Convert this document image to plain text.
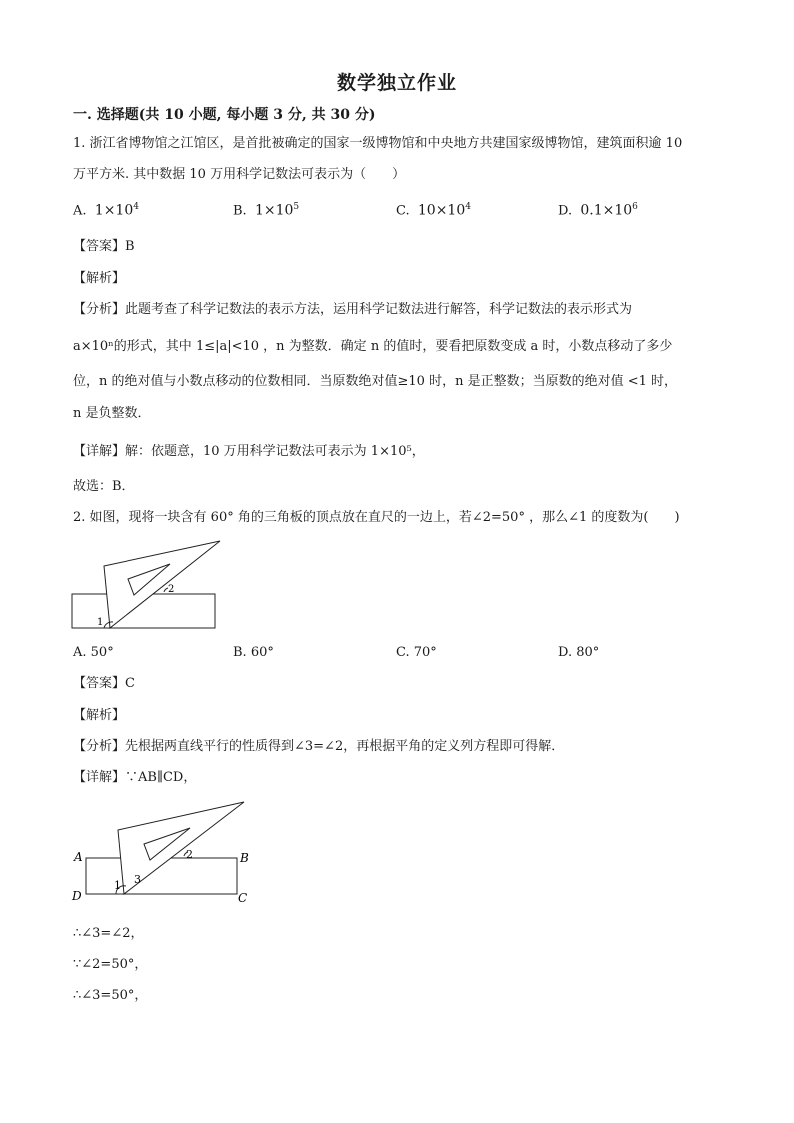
数学独立作业
一. 选择题(共 10 小题, 每小题 3 分, 共 30 分)
1. 浙江省博物馆之江馆区，是首批被确定的国家一级博物馆和中央地方共建国家级博物馆，建筑面积逾 10
万平方米. 其中数据 10 万用科学记数法可表示为（　　）
A. $1\times 10^4$	B. $1\times 10^5$	C. $10\times 10^4$	D. $0.1\times 10^6$
【答案】B
【解析】
【分析】此题考查了科学记数法的表示方法，运用科学记数法进行解答，科学记数法的表示形式为
a×10ⁿ的形式，其中 1≤|a|<10 ，n 为整数．确定 n 的值时，要看把原数变成 a 时，小数点移动了多少
位，n 的绝对值与小数点移动的位数相同．当原数绝对值≥10 时，n 是正整数；当原数的绝对值 <1 时，
n 是负整数．
【详解】解：依题意，10 万用科学记数法可表示为 1×10⁵，
故选：B．
2. 如图，现将一块含有 60° 角的三角板的顶点放在直尺的一边上，若∠2=50° ，那么∠1 的度数为(　　)
1
2
A. 50°	B. 60°	C. 70°	D. 80°
【答案】C
【解析】
【分析】先根据两直线平行的性质得到∠3=∠2，再根据平角的定义列方程即可得解．
【详解】∵AB∥CD，
A	B
C
D
1 3
2
∴∠3=∠2，
∵∠2=50°，
∴∠3=50°，
